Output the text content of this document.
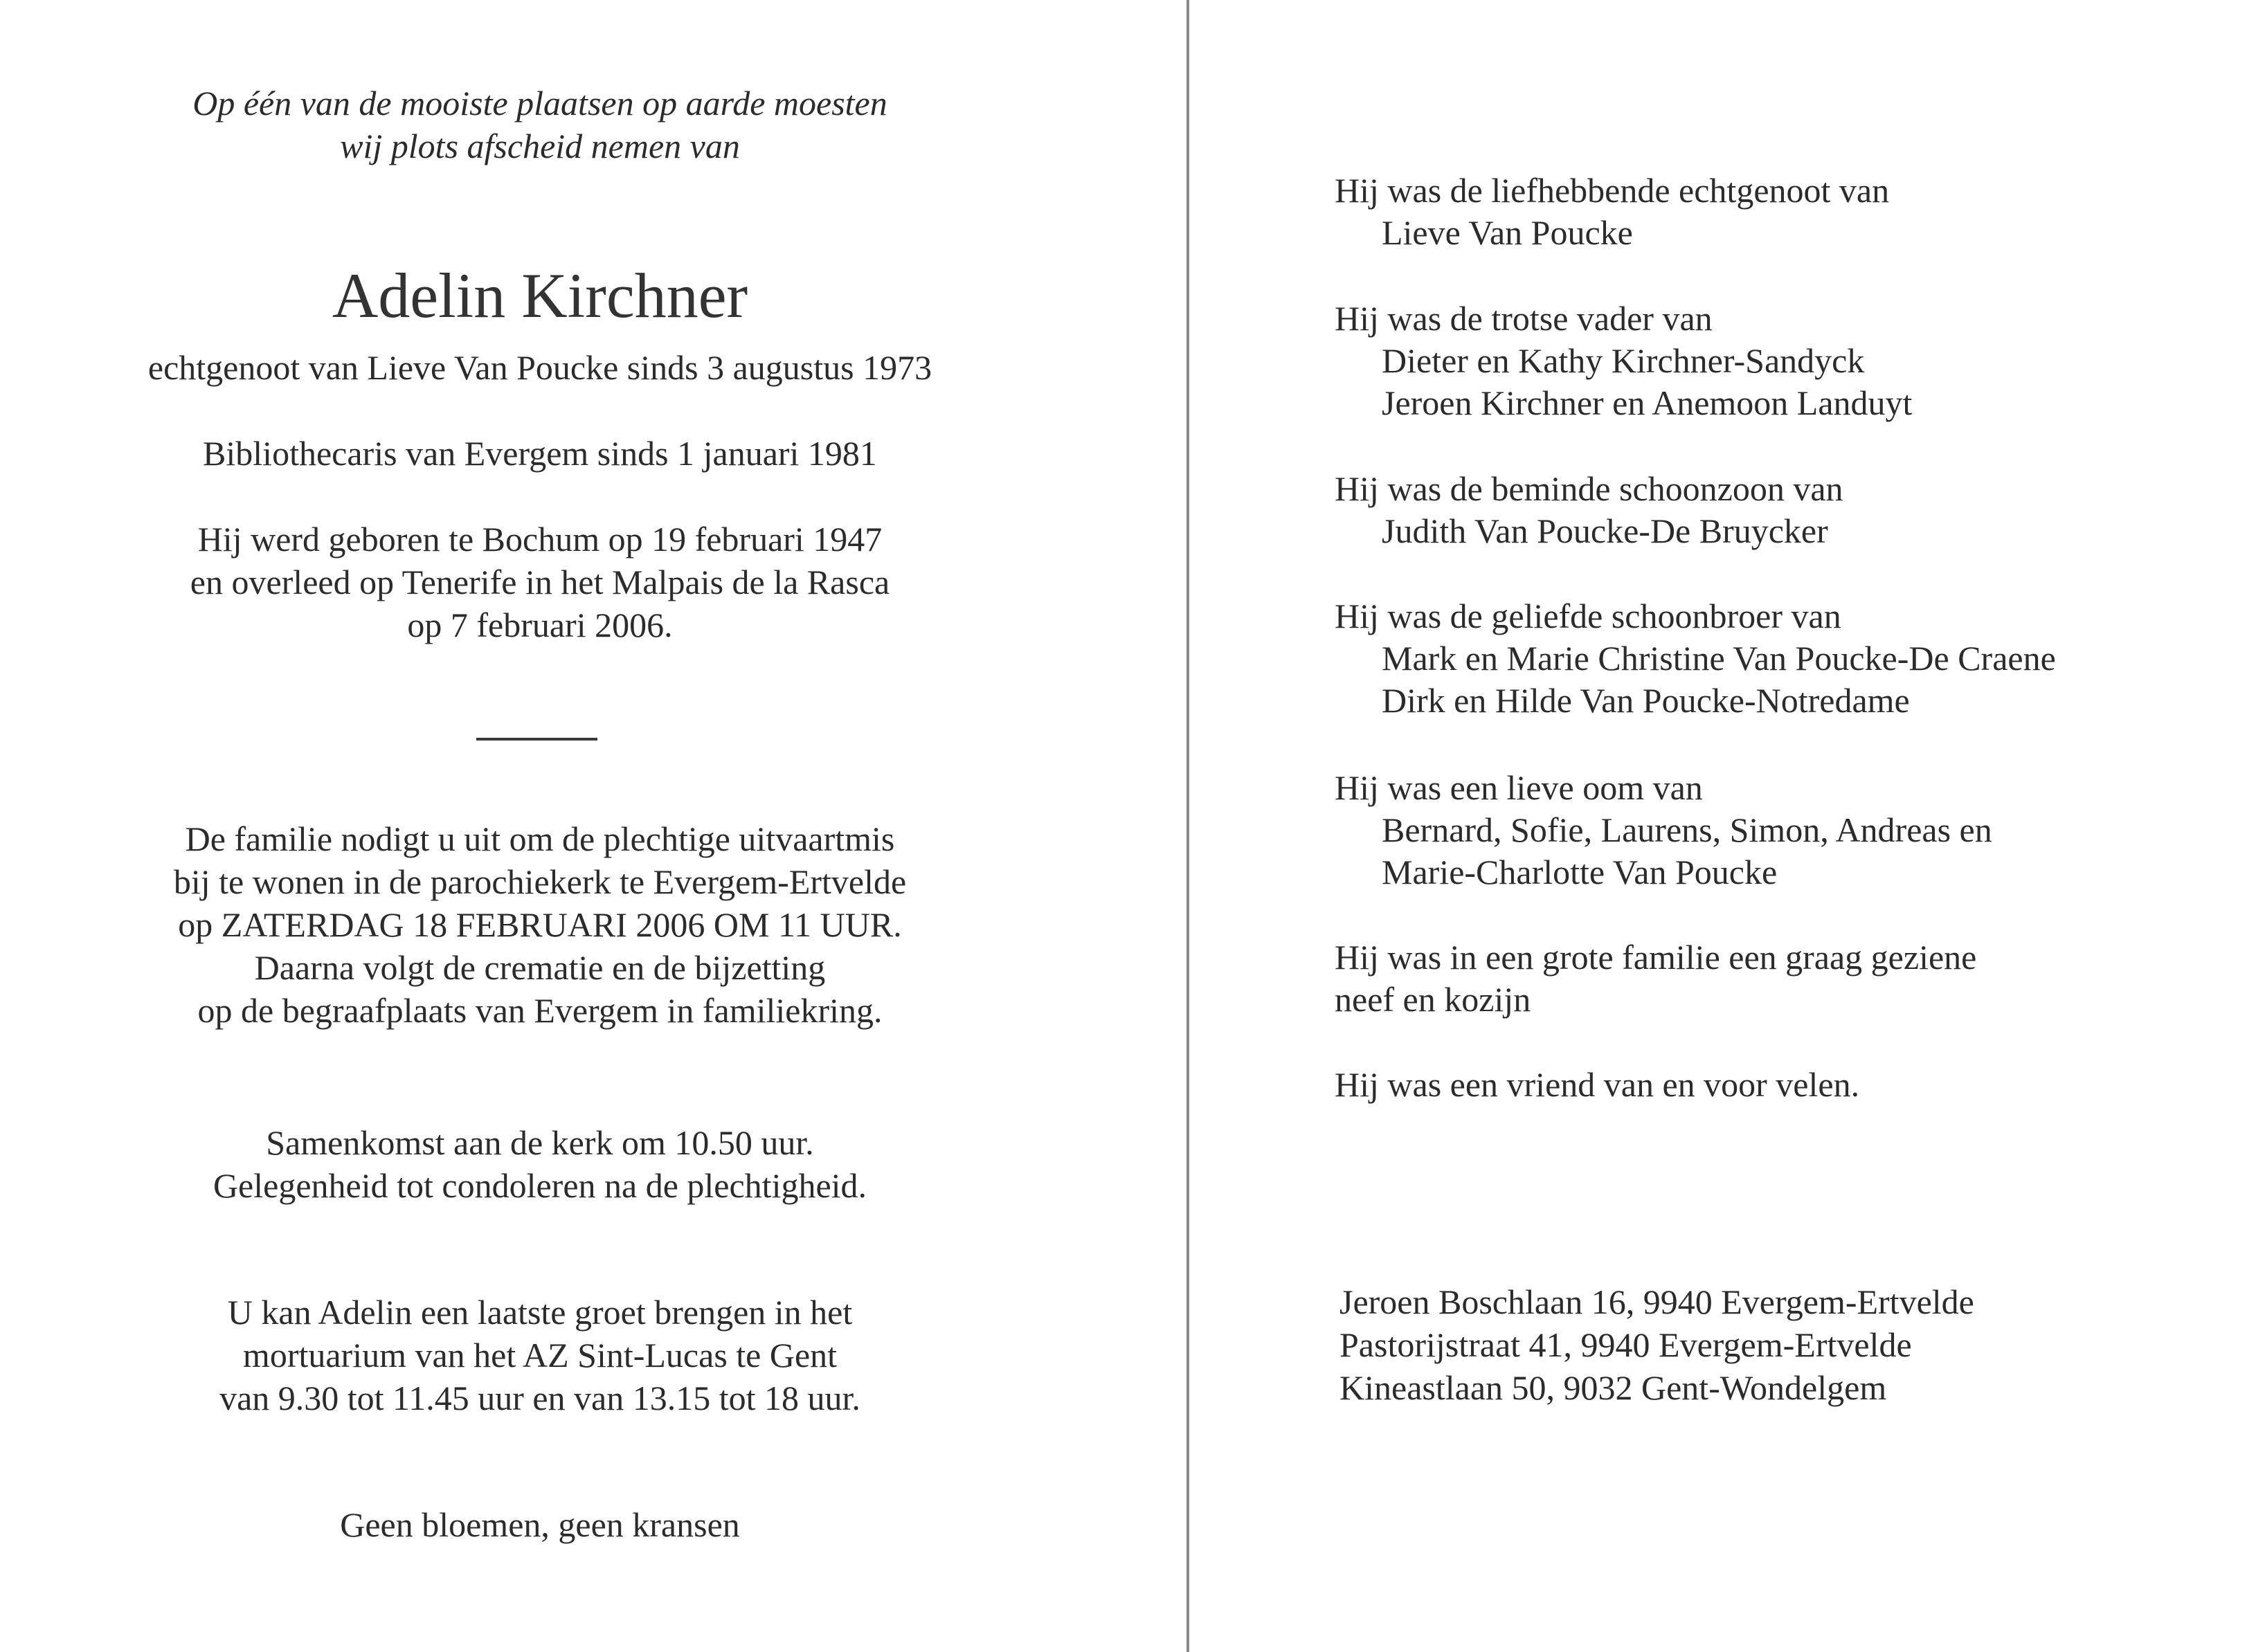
Op één van de mooiste plaatsen op aarde moesten
wij plots afscheid nemen van
Adelin Kirchner
echtgenoot van Lieve Van Poucke sinds 3 augustus 1973
Bibliothecaris van Evergem sinds 1 januari 1981
Hij werd geboren te Bochum op 19 februari 1947
en overleed op Tenerife in het Malpais de la Rasca
op 7 februari 2006.
De familie nodigt u uit om de plechtige uitvaartmis
bij te wonen in de parochiekerk te Evergem-Ertvelde
op ZATERDAG 18 FEBRUARI 2006 OM 11 UUR.
Daarna volgt de crematie en de bijzetting
op de begraafplaats van Evergem in familiekring.
Samenkomst aan de kerk om 10.50 uur.
Gelegenheid tot condoleren na de plechtigheid.
U kan Adelin een laatste groet brengen in het
mortuarium van het AZ Sint-Lucas te Gent
van 9.30 tot 11.45 uur en van 13.15 tot 18 uur.
Geen bloemen, geen kransen
Hij was de liefhebbende echtgenoot van
Lieve Van Poucke
Hij was de trotse vader van
Dieter en Kathy Kirchner-Sandyck
Jeroen Kirchner en Anemoon Landuyt
Hij was de beminde schoonzoon van
Judith Van Poucke-De Bruycker
Hij was de geliefde schoonbroer van
Mark en Marie Christine Van Poucke-De Craene
Dirk en Hilde Van Poucke-Notredame
Hij was een lieve oom van
Bernard, Sofie, Laurens, Simon, Andreas en
Marie-Charlotte Van Poucke
Hij was in een grote familie een graag geziene
neef en kozijn
Hij was een vriend van en voor velen.
Jeroen Boschlaan 16, 9940 Evergem-Ertvelde
Pastorijstraat 41, 9940 Evergem-Ertvelde
Kineastlaan 50, 9032 Gent-Wondelgem
